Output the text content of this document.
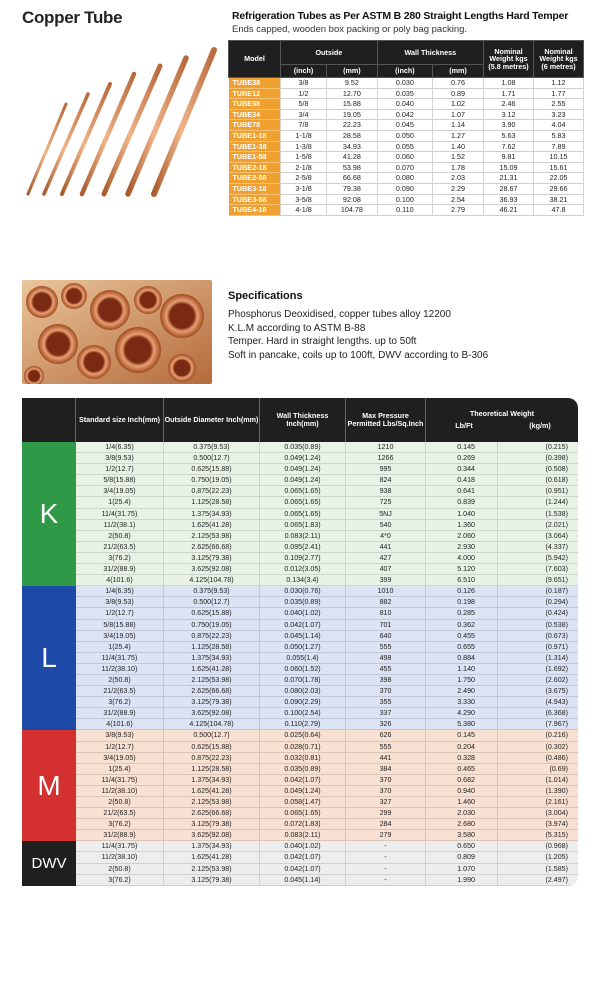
Copper Tube	Refrigeration Tubes as Per ASTM B 280 Straight Lengths Hard Temper
Ends capped, wooden box packing or poly bag packing.
Model	Outside		Wall Thickness		Nominal Weight kgs (5.8 metres)	Nominal Weight kgs (6 metres)
	(inch)	(mm)	(inch)	(mm)		
TUBE38	3/8	9.52	0.030	0.76	1.08	1.12
TUBE12	1/2	12.70	0.035	0.89	1.71	1.77
TUBE58	5/8	15.88	0.040	1.02	2.46	2.55
TUBE34	3/4	19.05	0.042	1.07	3.12	3.23
TUBE78	7/8	22.23	0.045	1.14	3.90	4.04
TUBE1-18	1-1/8	28.58	0.050	1.27	5.63	5.83
TUBE1-38	1-3/8	34.93	0.055	1.40	7.62	7.89
TUBE1-58	1-5/8	41.28	0.060	1.52	9.81	10.15
TUBE2-18	2-1/8	53.98	0.070	1.78	15.09	15.61
TUBE2-58	2-5/8	66.68	0.080	2.03	21.31	22.05
TUBE3-18	3-1/8	79.38	0.090	2.29	28.67	29.66
TUBE3-58	3-5/8	92.08	0.100	2.54	36.93	38.21
TUBE4-18	4-1/8	104.78	0.110	2.79	46.21	47.8
Specifications
Phosphorus Deoxidised, copper tubes alloy 12200
K.L.M according to ASTM B-88
Temper. Hard in straight lengths. up to 50ft
Soft in pancake, coils up to 100ft, DWV according to B-306
Standard size Inch(mm) Outside Diameter Inch(mm)	Wall Thickness Inch(mm)
Max Pressure Permitted Lbs/Sq.Inch
Theoretical Weight
Lb/Ft	(kg/m)
K
1/4(6.35)	0.375(9.53)	0.035(0.89)	1210	0.145	(0.215)
3/8(9.53)	0.500(12.7)	0.049(1.24)	1266	0.269	(0.398)
1/2(12.7)	0.625(15.88)	0.049(1.24)	995	0.344	(0.508)
5/8(15.88)	0.750(19.05)	0.049(1.24)	824	0.418	(0.618)
3/4(19.05)	0.875(22.23)	0.065(1.65)	938	0.641	(0.951)
1(25.4)	1.125(28.58)	0.065(1.65)	725	0.839	(1.244)
11/4(31.75)	1.375(34.93)	0.065(1.65)	5NJ	1.040	(1.538)
11/2(38.1)	1.625(41.28)	0.065(1.83)	540	1.360	(2.021)
2(50.8)	2.125(53.98)	0.083(2.11)	4*0	2.060	(3.064)
21/2(63.5)	2.625(66.68)	0.095(2.41)	441	2.930	(4.337)
3(76.2)	3.125(79.38)	0.109(2.77)	427	4.000	(5.942)
31/2(88.9)	3.625(92.08)	0.012(3.05)	407	5.120	(7.603)
4(101.6)	4.125(104.78)	0.134(3.4)	399	6.510	(9.651)
L
1/4(6.35)	0.375(9.53)	0.030(0.76)	1010	0.126	(0.187)
3/8(9.53)	0.500(12.7)	0.035(0.89)	882	0.198	(0.294)
1/2(12.7)	0.625(15.88)	0.040(1.02)	810	0.285	(0.424)
5/8(15.88)	0.750(19.05)	0.042(1.07)	701	0.362	(0.538)
3/4(19.05)	0.875(22.23)	0.045(1.14)	640	0.455	(0.673)
1(25.4)	1.125(28.58)	0.050(1.27)	555	0.655	(0.971)
11/4(31.75)	1.375(34.93)	0.055(1.4)	498	0.884	(1.314)
11/2(38.10)	1.625(41.28)	0.060(1.52)	455	1.140	(1.692)
2(50.8)	2.125(53.98)	0.070(1.78)	398	1.750	(2.602)
21/2(63.5)	2.625(66.68)	0.080(2.03)	370	2.490	(3.675)
3(76.2)	3.125(79.38)	0.090(2.29)	355	3.330	(4.943)
31/2(88.9)	3.625(92.08)	0.100(2.54)	337	4.290	(6.368)
4(101.6)	4.125(104.78)	0.110(2.79)	326	5.380	(7.967)
M
3/8(9.53)	0.500(12.7)	0.025(0.64)	626	0.145	(0.216)
1/2(12.7)	0.625(15.88)	0.028(0.71)	555	0.204	(0.302)
3/4(19.05)	0.875(22.23)	0.032(0.81)	441	0.328	(0.486)
1(25.4)	1.125(28.58)	0.035(0.89)	384	0.465	(0.69)
11/4(31.75)	1.375(34.93)	0.042(1.07)	370	0.682	(1.014)
11/2(38.10)	1.625(41.28)	0.049(1.24)	370	0.940	(1.390)
2(50.8)	2.125(53.98)	0.058(1.47)	327	1.460	(2.161)
21/2(63.5)	2.625(66.68)	0.065(1.65)	299	2.030	(3.004)
3(76.2)	3.125(79.38)	0.072(1.83)	284	2.680	(3.974)
31/2(88.9)	3.625(92.08)	0.083(2.11)	279	3.580	(5.315)
DWV
11/4(31.75)	1.375(34.93)	0.040(1.02)	-	0.650	(0.968)
11/2(38.10)	1.625(41.28)	0.042(1.07)	-	0.809	(1.205)
2(50.8)	2.125(53.98)	0.042(1.07)	-	1.070	(1.585)
3(76.2)	3.125(79.38)	0.045(1.14)	-	1.990	(2.497)
